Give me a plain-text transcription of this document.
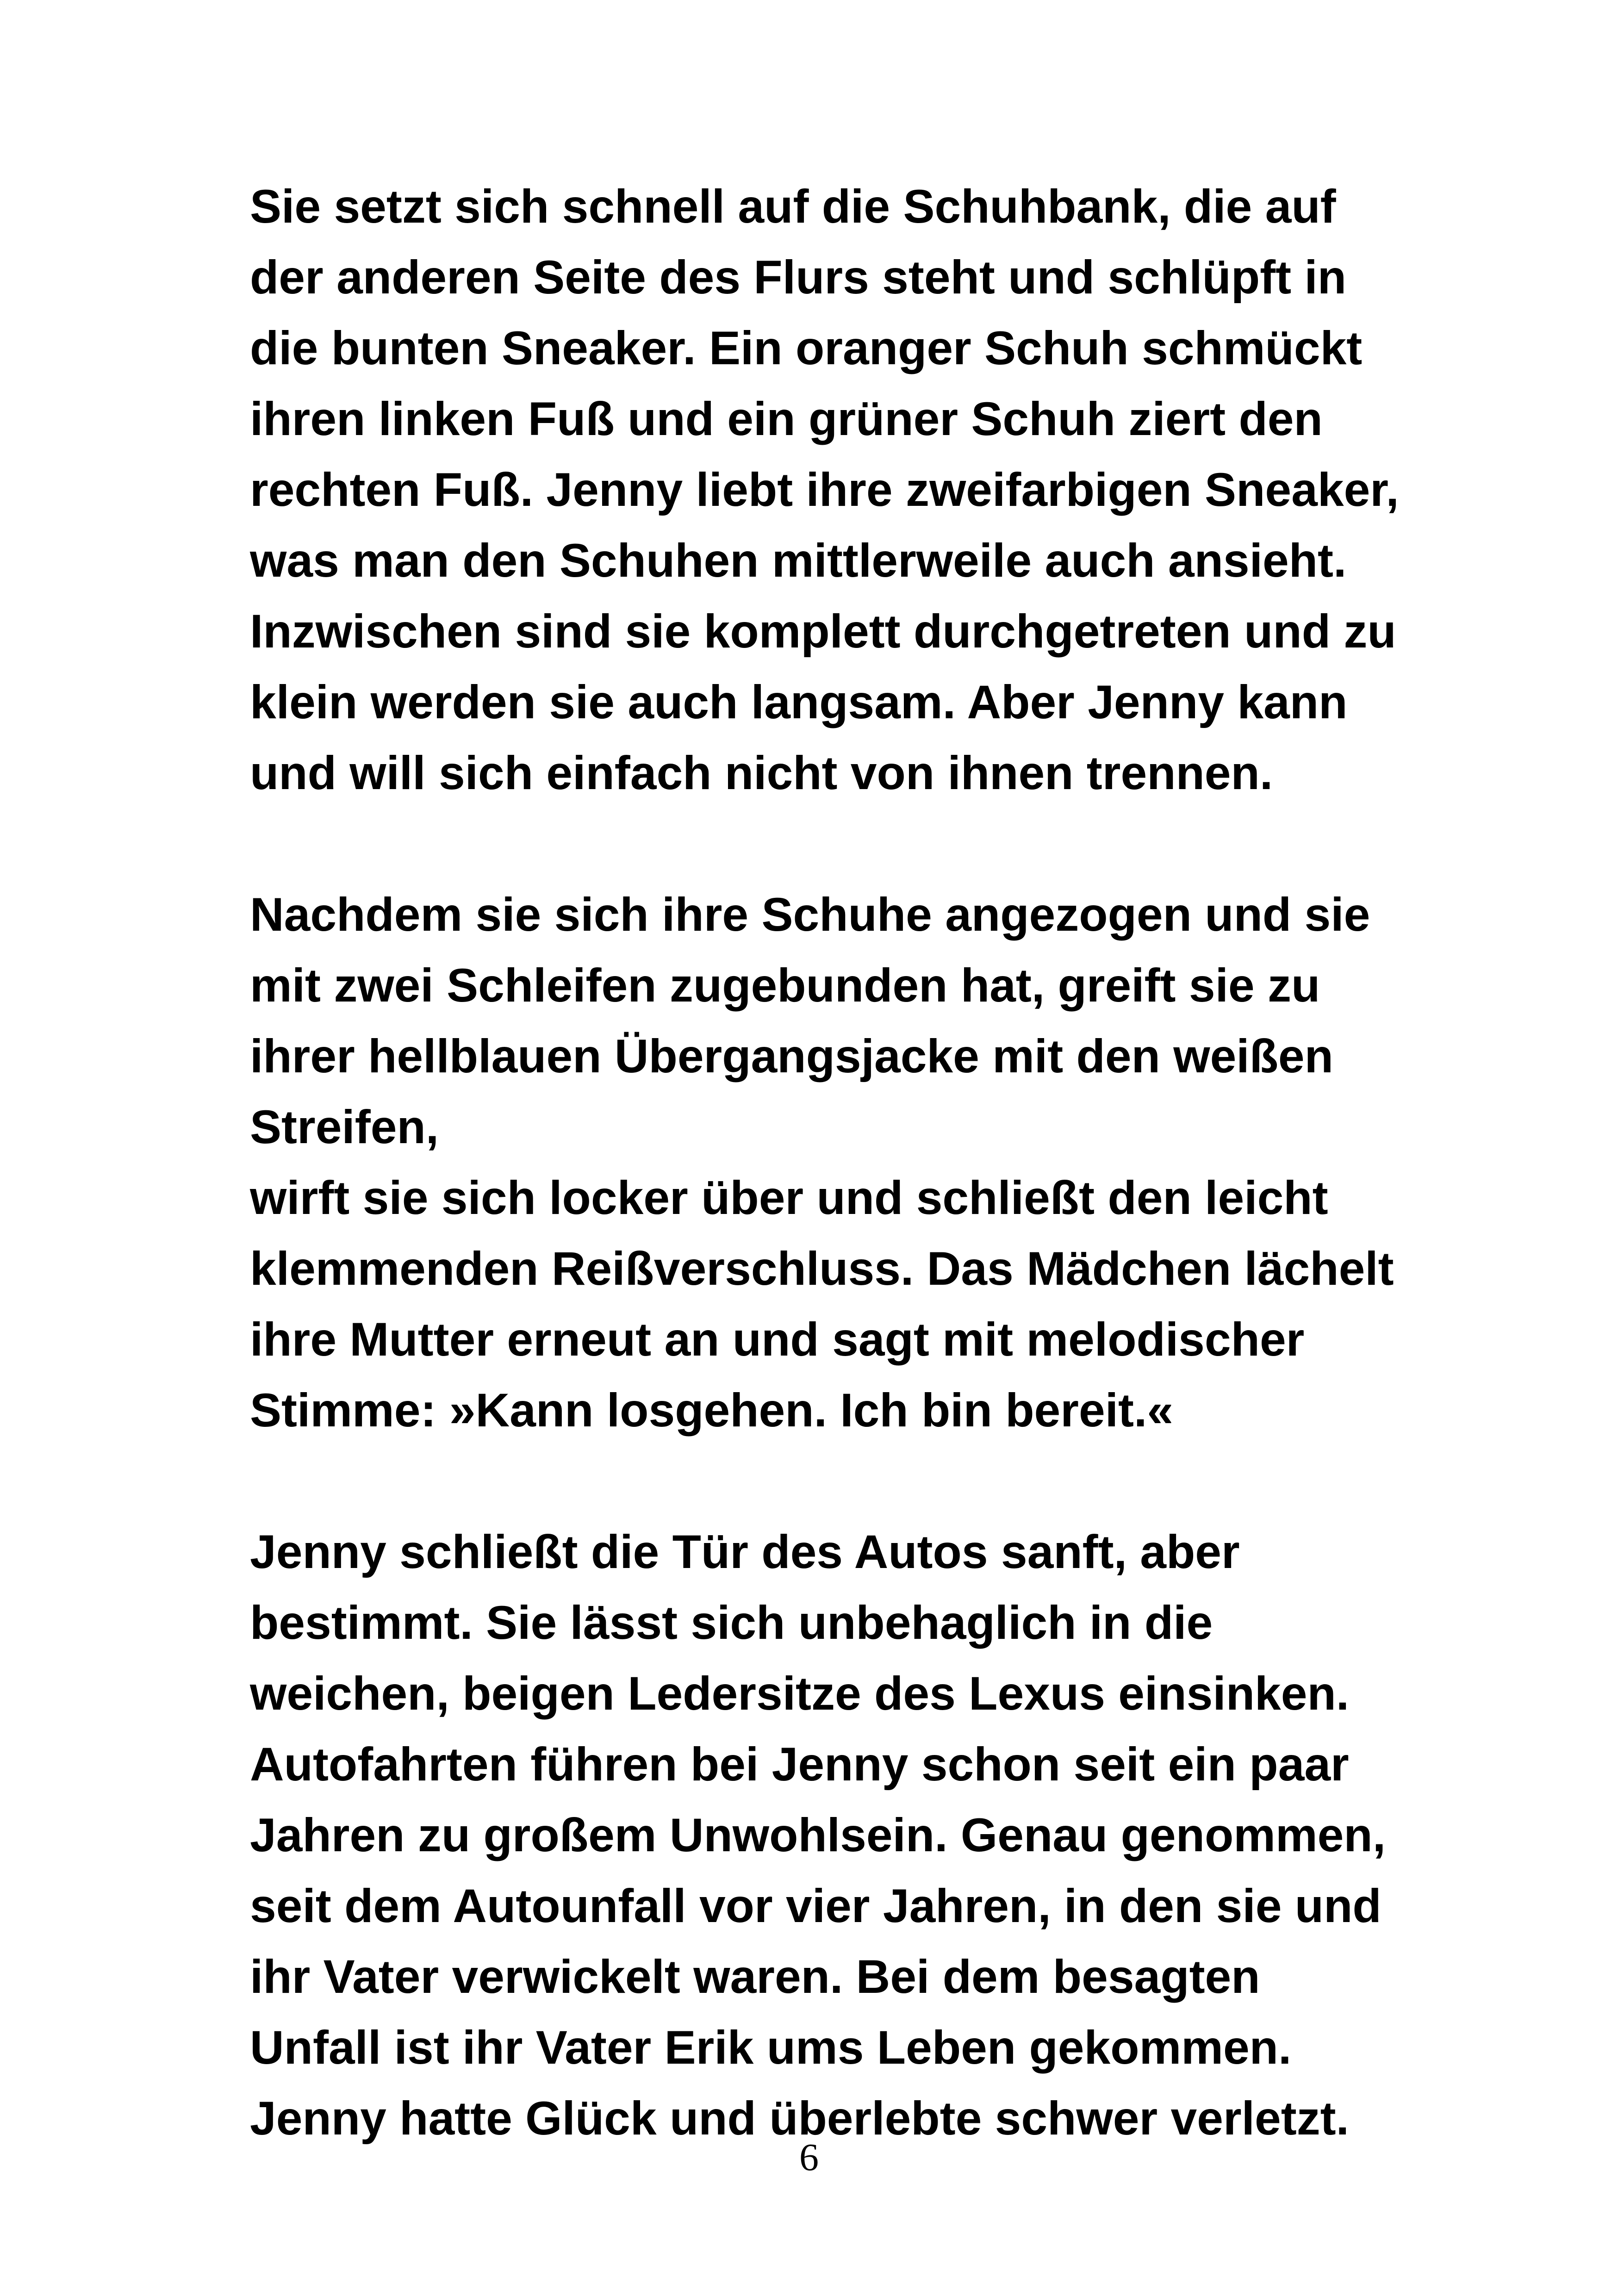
Sie setzt sich schnell auf die Schuhbank, die auf
der anderen Seite des Flurs steht und schlüpft in
die bunten Sneaker. Ein oranger Schuh schmückt
ihren linken Fuß und ein grüner Schuh ziert den
rechten Fuß. Jenny liebt ihre zweifarbigen Sneaker,
was man den Schuhen mittlerweile auch ansieht.
Inzwischen sind sie komplett durchgetreten und zu
klein werden sie auch langsam. Aber Jenny kann
und will sich einfach nicht von ihnen trennen.

Nachdem sie sich ihre Schuhe angezogen und sie
mit zwei Schleifen zugebunden hat, greift sie zu
ihrer hellblauen Übergangsjacke mit den weißen
Streifen,
wirft sie sich locker über und schließt den leicht
klemmenden Reißverschluss. Das Mädchen lächelt
ihre Mutter erneut an und sagt mit melodischer
Stimme: »Kann losgehen. Ich bin bereit.«

Jenny schließt die Tür des Autos sanft, aber
bestimmt. Sie lässt sich unbehaglich in die
weichen, beigen Ledersitze des Lexus einsinken.
Autofahrten führen bei Jenny schon seit ein paar
Jahren zu großem Unwohlsein. Genau genommen,
seit dem Autounfall vor vier Jahren, in den sie und
ihr Vater verwickelt waren. Bei dem besagten
Unfall ist ihr Vater Erik ums Leben gekommen.
Jenny hatte Glück und überlebte schwer verletzt.

6
